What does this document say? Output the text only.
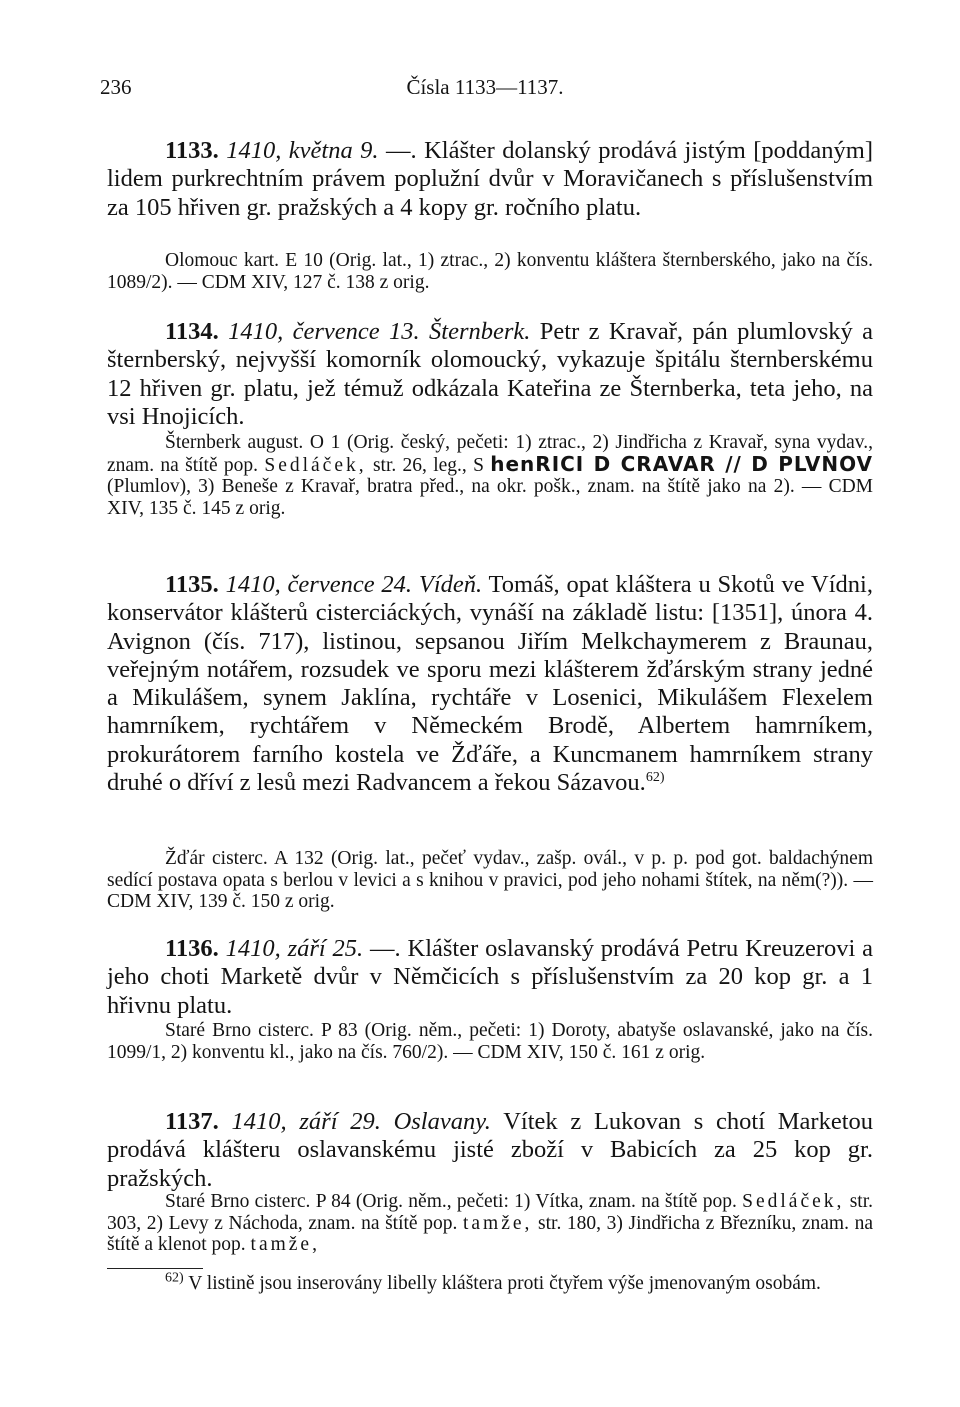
236	Čísla 1133—1137.

1133. 1410, května 9. —. Klášter dolanský prodává jistým [poddaným] lidem purkrechtním právem poplužní dvůr v Moravičanech s příslušenstvím za 105 hřiven gr. pražských a 4 kopy gr. ročního platu.

Olomouc kart. E 10 (Orig. lat., 1) ztrac., 2) konventu kláštera šternberského, jako na čís. 1089/2). — CDM XIV, 127 č. 138 z orig.

1134. 1410, července 13. Šternberk. Petr z Kravař, pán plumlovský a šternberský, nejvyšší komorník olomoucký, vykazuje špitálu šternberskému 12 hřiven gr. platu, jež témuž odkázala Kateřina ze Šternberka, teta jeho, na vsi Hnojicích.

Šternberk august. O 1 (Orig. český, pečeti: 1) ztrac., 2) Jindřicha z Kravař, syna vydav., znam. na štítě pop. Sedláček, str. 26, leg., S henRICI D CRAVAR // D PLVNOV (Plumlov), 3) Beneše z Kravař, bratra před., na okr. pošk., znam. na štítě jako na 2). — CDM XIV, 135 č. 145 z orig.

1135. 1410, července 24. Vídeň. Tomáš, opat kláštera u Skotů ve Vídni, konservátor klášterů cisterciáckých, vynáší na základě listu: [1351], února 4. Avignon (čís. 717), listinou, sepsanou Jiřím Melkchaymerem z Braunau, veřejným notářem, rozsudek ve sporu mezi klášterem žďárským strany jedné a Mikulášem, synem Jaklína, rychtáře v Losenici, Mikulášem Flexelem hamrníkem, rychtářem v Německém Brodě, Albertem hamrníkem, prokurátorem farního kostela ve Žďáře, a Kuncmanem hamrníkem strany druhé o dříví z lesů mezi Radvancem a řekou Sázavou.$^{62)}$

Žďár cisterc. A 132 (Orig. lat., pečeť vydav., zašp. ovál., v p. p. pod got. baldachýnem sedící postava opata s berlou v levici a s knihou v pravici, pod jeho nohami štítek, na něm(?)). — CDM XIV, 139 č. 150 z orig.

1136. 1410, září 25. —. Klášter oslavanský prodává Petru Kreuzerovi a jeho choti Marketě dvůr v Němčicích s příslušenstvím za 20 kop gr. a 1 hřivnu platu.

Staré Brno cisterc. P 83 (Orig. něm., pečeti: 1) Doroty, abatyše oslavanské, jako na čís. 1099/1, 2) konventu kl., jako na čís. 760/2). — CDM XIV, 150 č. 161 z orig.

1137. 1410, září 29. Oslavany. Vítek z Lukovan s chotí Marketou prodává klášteru oslavanskému jisté zboží v Babicích za 25 kop gr. pražských.

Staré Brno cisterc. P 84 (Orig. něm., pečeti: 1) Vítka, znam. na štítě pop. Sedláček, str. 303, 2) Levy z Náchoda, znam. na štítě pop. tamže, str. 180, 3) Jindřicha z Březníku, znam. na štítě a klenot pop. tamže,

$^{62)}$ V listině jsou inserovány libelly kláštera proti čtyřem výše jmenovaným osobám.
